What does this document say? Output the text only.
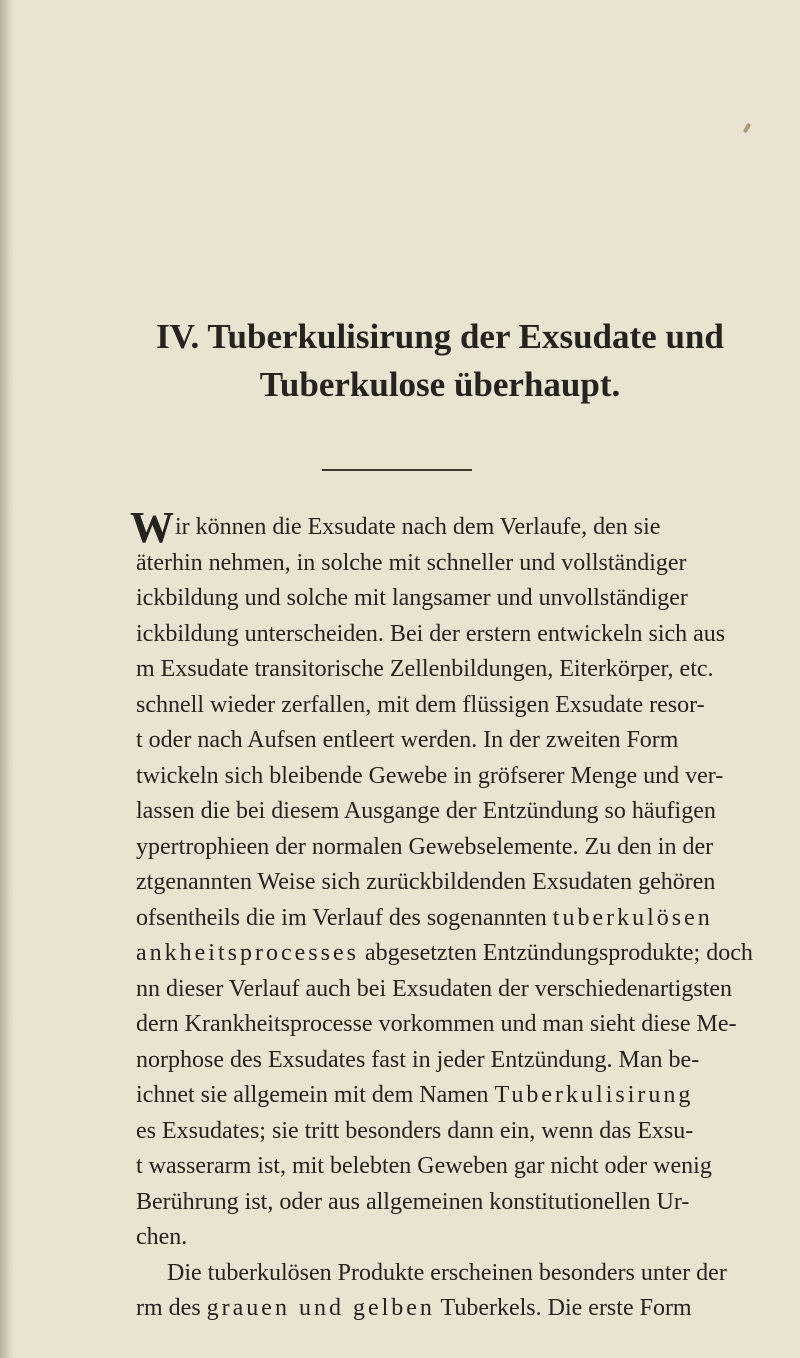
IV. Tuberkulisirung der Exsudate und
Tuberkulose überhaupt.
W ir können die Exsudate nach dem Verlaufe, den sie
äterhin nehmen, in solche mit schneller und vollständiger
ickbildung und solche mit langsamer und unvollständiger
ickbildung unterscheiden. Bei der erstern entwickeln sich aus
m Exsudate transitorische Zellenbildungen, Eiterkörper, etc.
schnell wieder zerfallen, mit dem flüssigen Exsudate resor-
t oder nach Aufsen entleert werden. In der zweiten Form
twickeln sich bleibende Gewebe in gröfserer Menge und ver-
lassen die bei diesem Ausgange der Entzündung so häufigen
ypertrophieen der normalen Gewebselemente. Zu den in der
ztgenannten Weise sich zurückbildenden Exsudaten gehören
ofsentheils die im Verlauf des sogenannten tuberkulösen
ankheitsprocesses abgesetzten Entzündungsprodukte; doch
nn dieser Verlauf auch bei Exsudaten der verschiedenartigsten
dern Krankheitsprocesse vorkommen und man sieht diese Me-
norphose des Exsudates fast in jeder Entzündung. Man be-
ichnet sie allgemein mit dem Namen Tuberkulisirung
es Exsudates; sie tritt besonders dann ein, wenn das Exsu-
t wasserarm ist, mit belebten Geweben gar nicht oder wenig
Berührung ist, oder aus allgemeinen konstitutionellen Ur-
chen.
Die tuberkulösen Produkte erscheinen besonders unter der
rm des grauen und gelben Tuberkels. Die erste Form
